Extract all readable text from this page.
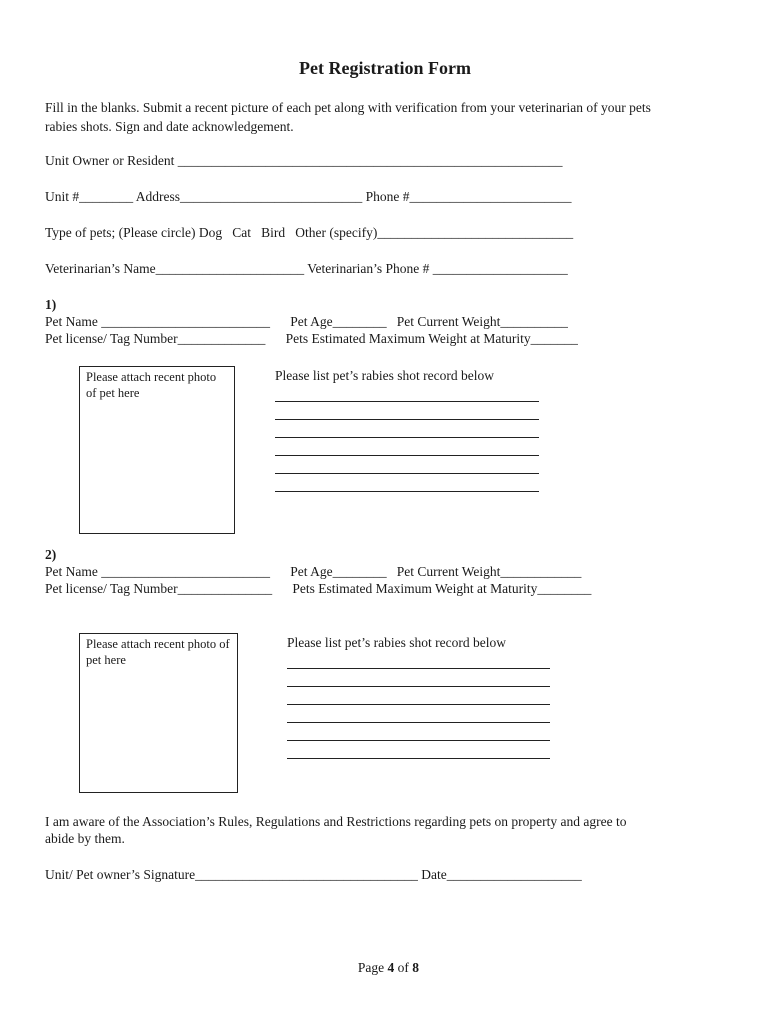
Pet Registration Form
Fill in the blanks. Submit a recent picture of each pet along with verification from your veterinarian of your pets
rabies shots. Sign and date acknowledgement.
Unit Owner or Resident _________________________________________________________
Unit #________ Address___________________________ Phone #________________________
Type of pets; (Please circle) Dog   Cat   Bird   Other (specify)_____________________________
Veterinarian’s Name______________________ Veterinarian’s Phone # ____________________
1)
Pet Name _________________________      Pet Age________   Pet Current Weight__________
Pet license/ Tag Number_____________      Pets Estimated Maximum Weight at Maturity_______
Please attach recent photo of pet here
Please list pet’s rabies shot record below
2)
Pet Name _________________________      Pet Age________   Pet Current Weight____________
Pet license/ Tag Number______________      Pets Estimated Maximum Weight at Maturity________
Please attach recent photo of pet here
Please list pet’s rabies shot record below
I am aware of the Association’s Rules, Regulations and Restrictions regarding pets on property and agree to
abide by them.
Unit/ Pet owner’s Signature_________________________________ Date____________________

Page 4 of 8
